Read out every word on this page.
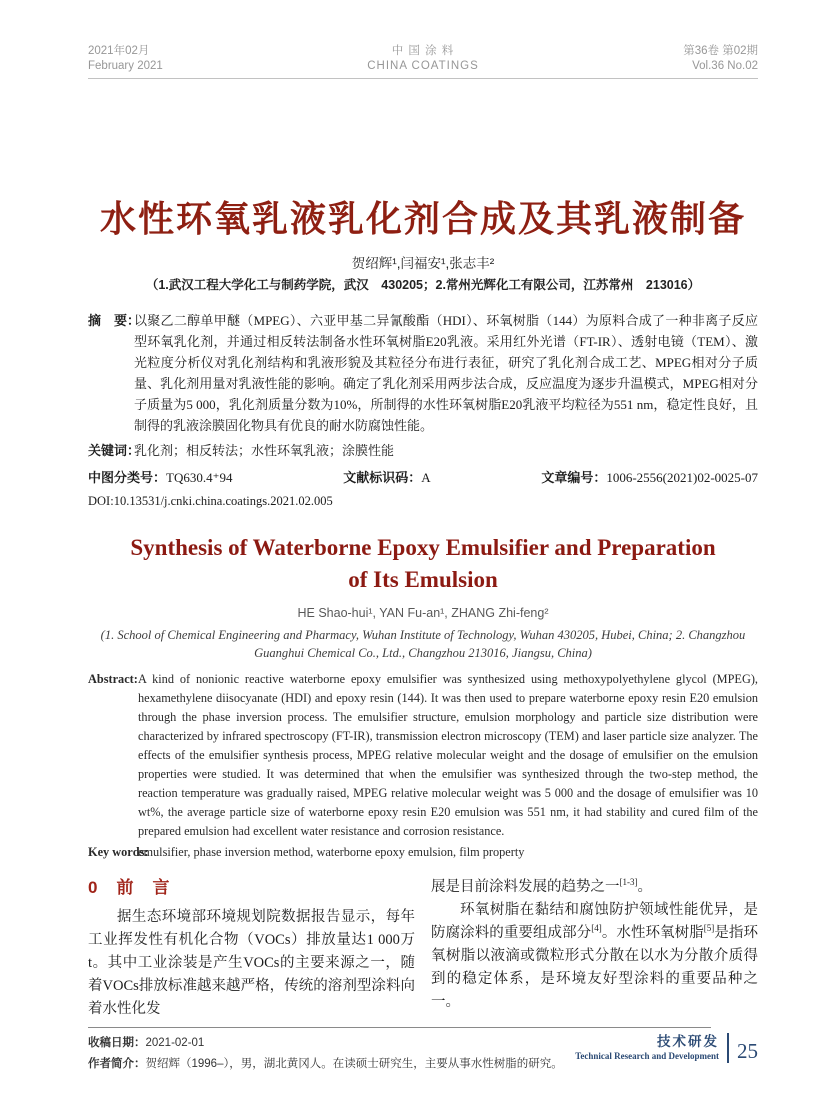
2021年02月
February 2021
中 国 涂 料
CHINA COATINGS
第36卷 第02期
Vol.36 No.02
水性环氧乳液乳化剂合成及其乳液制备
贺绍辉¹,闫福安¹,张志丰²
（1.武汉工程大学化工与制药学院，武汉　430205；2.常州光辉化工有限公司，江苏常州　213016）
摘　要：
以聚乙二醇单甲醚（MPEG）、六亚甲基二异氰酸酯（HDI）、环氧树脂（144）为原料合成了一种非离子反应型环氧乳化剂，并通过相反转法制备水性环氧树脂E20乳液。采用红外光谱（FT-IR）、透射电镜（TEM）、激光粒度分析仪对乳化剂结构和乳液形貌及其粒径分布进行表征，研究了乳化剂合成工艺、MPEG相对分子质量、乳化剂用量对乳液性能的影响。确定了乳化剂采用两步法合成，反应温度为逐步升温模式，MPEG相对分子质量为5 000，乳化剂质量分数为10%，所制得的水性环氧树脂E20乳液平均粒径为551 nm，稳定性良好，且制得的乳液涂膜固化物具有优良的耐水防腐蚀性能。
关键词：
乳化剂；相反转法；水性环氧乳液；涂膜性能
中图分类号：TQ630.4⁺94	文献标识码：A	文章编号：1006-2556(2021)02-0025-07
DOI:10.13531/j.cnki.china.coatings.2021.02.005
Synthesis of Waterborne Epoxy Emulsifier and Preparation
of Its Emulsion
HE Shao-hui¹, YAN Fu-an¹, ZHANG Zhi-feng²
(1. School of Chemical Engineering and Pharmacy, Wuhan Institute of Technology, Wuhan 430205, Hubei, China; 2. Changzhou Guanghui Chemical Co., Ltd., Changzhou 213016, Jiangsu, China)
Abstract: A kind of nonionic reactive waterborne epoxy emulsifier was synthesized using methoxypolyethylene glycol (MPEG), hexamethylene diisocyanate (HDI) and epoxy resin (144). It was then used to prepare waterborne epoxy resin E20 emulsion through the phase inversion process. The emulsifier structure, emulsion morphology and particle size distribution were characterized by infrared spectroscopy (FT-IR), transmission electron microscopy (TEM) and laser particle size analyzer. The effects of the emulsifier synthesis process, MPEG relative molecular weight and the dosage of emulsifier on the emulsion properties were studied. It was determined that when the emulsifier was synthesized through the two-step method, the reaction temperature was gradually raised, MPEG relative molecular weight was 5 000 and the dosage of emulsifier was 10 wt%, the average particle size of waterborne epoxy resin E20 emulsion was 551 nm, it had stability and cured film of the prepared emulsion had excellent water resistance and corrosion resistance.
Key words:
emulsifier, phase inversion method, waterborne epoxy emulsion, film property
0　前　言

据生态环境部环境规划院数据报告显示，每年工业挥发性有机化合物（VOCs）排放量达1 000万t。其中工业涂装是产生VOCs的主要来源之一，随着VOCs排放标准越来越严格，传统的溶剂型涂料向着水性化发

展是目前涂料发展的趋势之一[1-3]。

环氧树脂在黏结和腐蚀防护领域性能优异，是防腐涂料的重要组成部分[4]。水性环氧树脂[5]是指环氧树脂以液滴或微粒形式分散在以水为分散介质得到的稳定体系，是环境友好型涂料的重要品种之一。

收稿日期：2021-02-01
作者简介：贺绍辉（1996–），男，湖北黄冈人。在读硕士研究生，主要从事水性树脂的研究。
技术研发
Technical Research and Development 25
